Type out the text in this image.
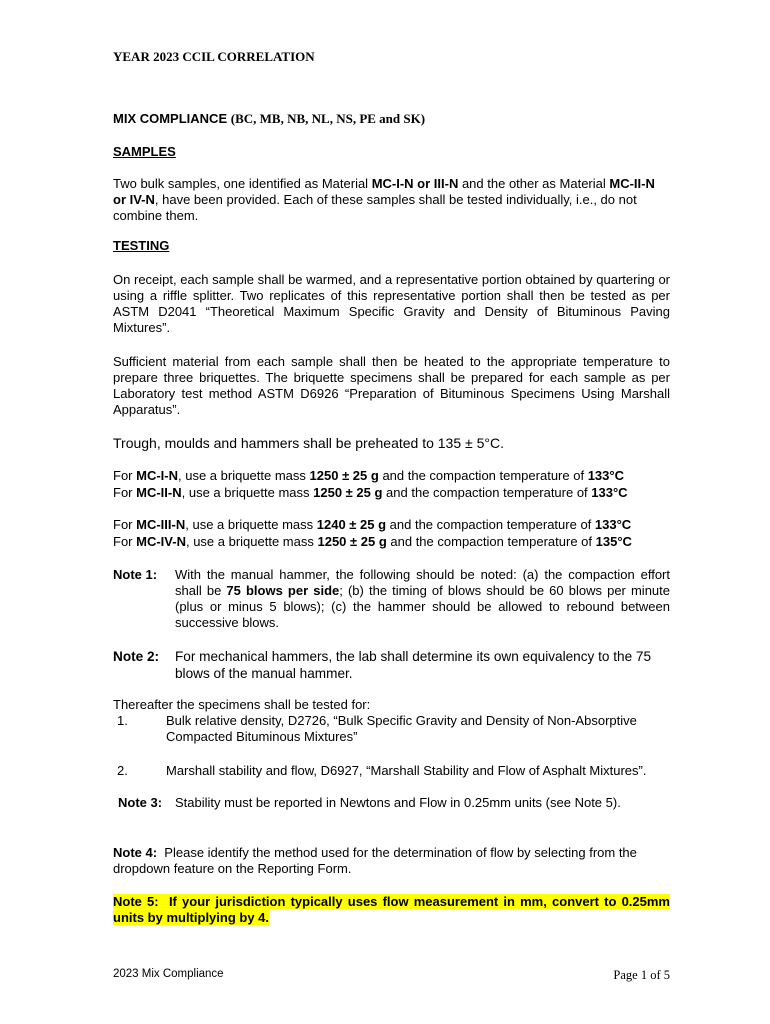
YEAR 2023 CCIL CORRELATION
MIX COMPLIANCE (BC, MB, NB, NL, NS, PE and SK)
SAMPLES
Two bulk samples, one identified as Material MC-I-N or III-N and the other as Material MC-II-N or IV-N, have been provided. Each of these samples shall be tested individually, i.e., do not combine them.
TESTING
On receipt, each sample shall be warmed, and a representative portion obtained by quartering or using a riffle splitter. Two replicates of this representative portion shall then be tested as per ASTM D2041 “Theoretical Maximum Specific Gravity and Density of Bituminous Paving Mixtures”.
Sufficient material from each sample shall then be heated to the appropriate temperature to prepare three briquettes. The briquette specimens shall be prepared for each sample as per Laboratory test method ASTM D6926 “Preparation of Bituminous Specimens Using Marshall Apparatus”.
Trough, moulds and hammers shall be preheated to 135 ± 5°C.
For MC-I-N, use a briquette mass 1250 ± 25 g and the compaction temperature of 133°C
For MC-II-N, use a briquette mass 1250 ± 25 g and the compaction temperature of 133°C
For MC-III-N, use a briquette mass 1240 ± 25 g and the compaction temperature of 133°C
For MC-IV-N, use a briquette mass 1250 ± 25 g and the compaction temperature of 135°C
Note 1:	With the manual hammer, the following should be noted: (a) the compaction effort shall be 75 blows per side; (b) the timing of blows should be 60 blows per minute (plus or minus 5 blows); (c) the hammer should be allowed to rebound between successive blows.
Note 2:	For mechanical hammers, the lab shall determine its own equivalency to the 75 blows of the manual hammer.
Thereafter the specimens shall be tested for:
1.	Bulk relative density, D2726, “Bulk Specific Gravity and Density of Non-Absorptive Compacted Bituminous Mixtures”
2.	Marshall stability and flow, D6927, “Marshall Stability and Flow of Asphalt Mixtures”.
Note 3: Stability must be reported in Newtons and Flow in 0.25mm units (see Note 5).
Note 4: Please identify the method used for the determination of flow by selecting from the dropdown feature on the Reporting Form.
Note 5: If your jurisdiction typically uses flow measurement in mm, convert to 0.25mm units by multiplying by 4.
2023 Mix Compliance	Page 1 of 5
